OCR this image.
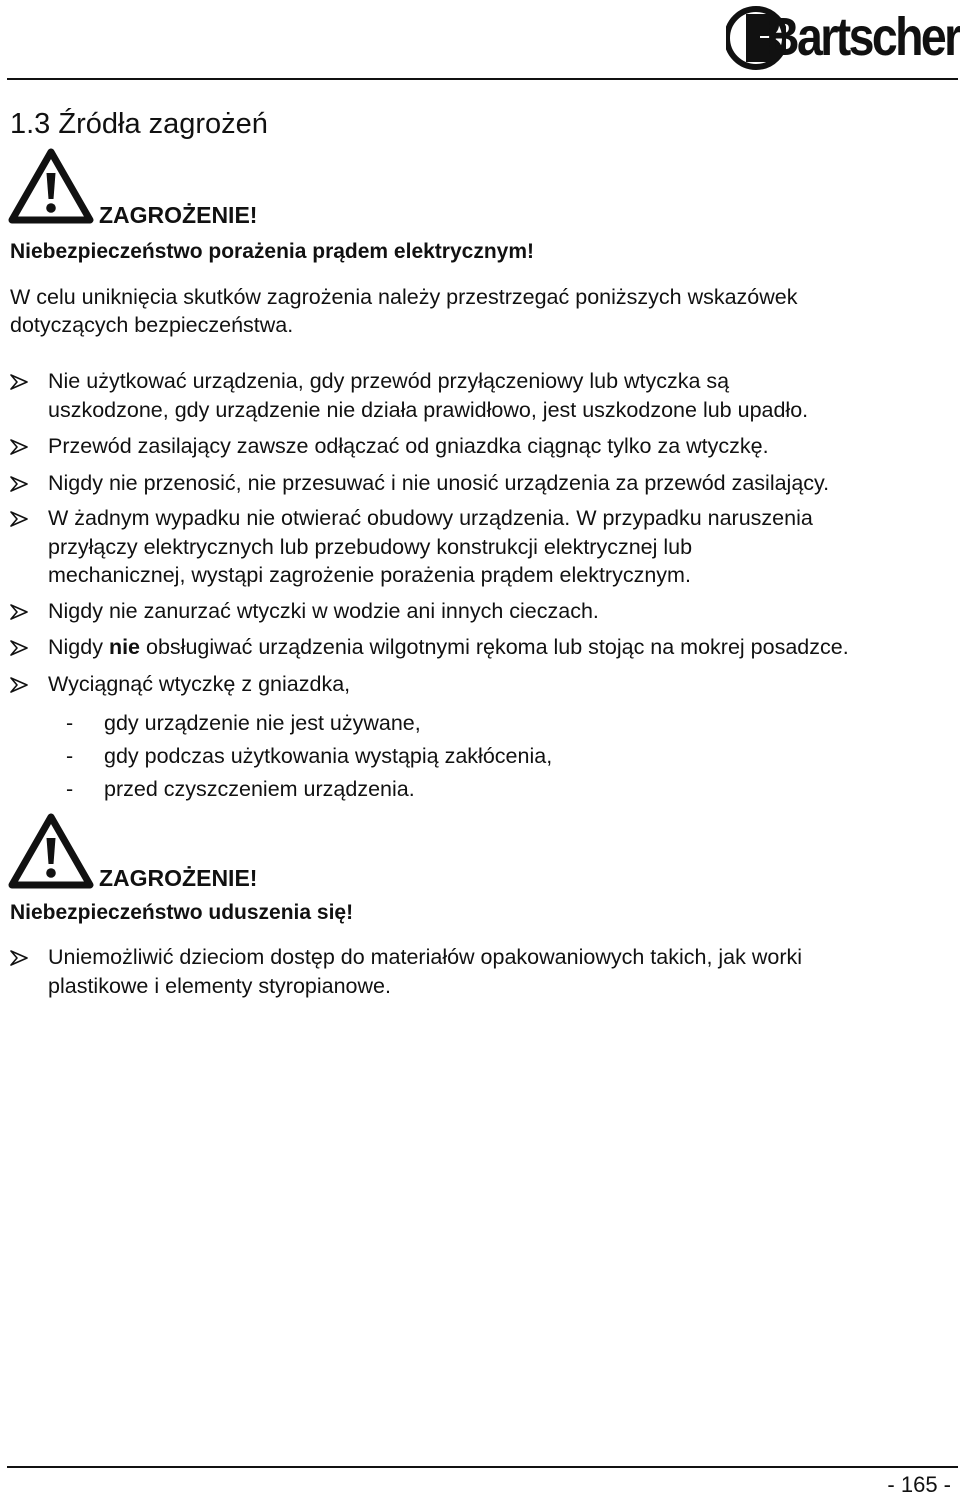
Bartscher
1.3 Źródła zagrożeń
ZAGROŻENIE!
Niebezpieczeństwo porażenia prądem elektrycznym!

W celu uniknięcia skutków zagrożenia należy przestrzegać poniższych wskazówek
dotyczących bezpieczeństwa.

Nie użytkować urządzenia, gdy przewód przyłączeniowy lub wtyczka są
uszkodzone, gdy urządzenie nie działa prawidłowo, jest uszkodzone lub upadło.
Przewód zasilający zawsze odłączać od gniazdka ciągnąc tylko za wtyczkę.
Nigdy nie przenosić, nie przesuwać i nie unosić urządzenia za przewód zasilający.
W żadnym wypadku nie otwierać obudowy urządzenia. W przypadku naruszenia
przyłączy elektrycznych lub przebudowy konstrukcji elektrycznej lub
mechanicznej, wystąpi zagrożenie porażenia prądem elektrycznym.
Nigdy nie zanurzać wtyczki w wodzie ani innych cieczach.
Nigdy nie obsługiwać urządzenia wilgotnymi rękoma lub stojąc na mokrej posadzce.
Wyciągnąć wtyczkę z gniazdka,
- gdy urządzenie nie jest używane,
- gdy podczas użytkowania wystąpią zakłócenia,
- przed czyszczeniem urządzenia.
ZAGROŻENIE!
Niebezpieczeństwo uduszenia się!
Uniemożliwić dzieciom dostęp do materiałów opakowaniowych takich, jak worki
plastikowe i elementy styropianowe.
- 165 -
